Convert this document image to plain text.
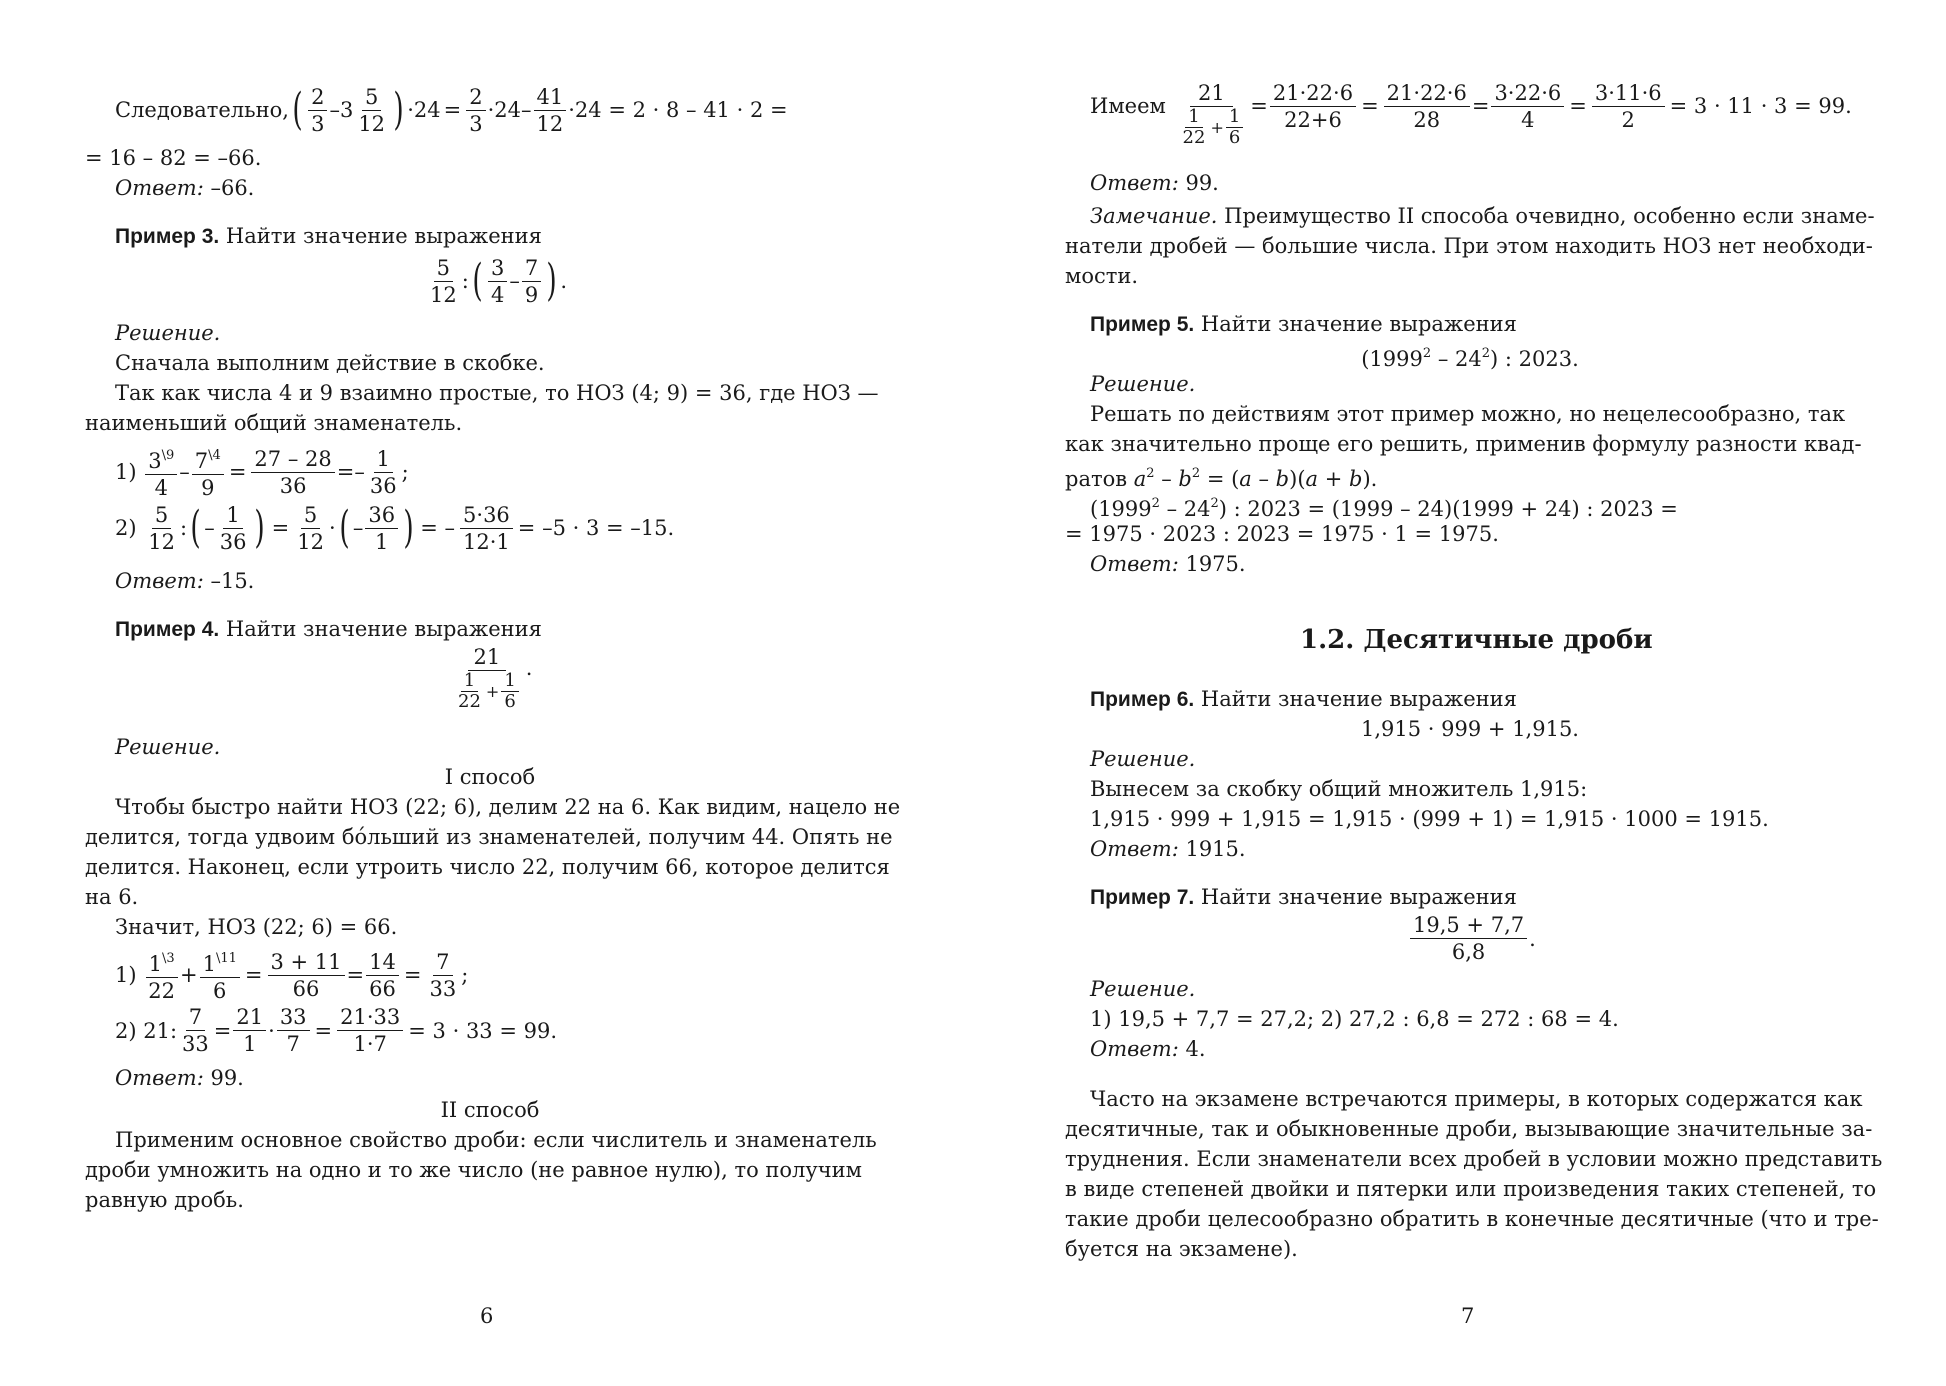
Следовательно, ( $\frac{2}{3} - 3 \frac{5}{12}$ ) $\cdot 24 = \frac{2}{3} \cdot 24- \frac{41}{12} \cdot 24 = 2 \cdot 8 - 41 \cdot 2$ =
= 16 – 82 = –66.
Ответ: –66.
Пример 3. Найти значение выражения
$\frac{5}{12}$ : ( $\frac{3}{4} - \frac{7}{9}$ ) .
Решение.
Сначала выполним действие в скобке.
Так как числа 4 и 9 взаимно простые, то НОЗ (4; 9) = 36, где НОЗ —
наименьший общий знаменатель.
1)
$\frac{3^{\backslash 9}}{4} - \frac{7^{\backslash 4}}{9} = \frac{27 - 28}{36} =- \frac{1}{36}$ ;
2)
$\frac{5}{12}$ : ( – $\frac{1}{36}$ ) = $\frac{5}{12}$ · ( – $\frac{36}{1}$ ) = – $\frac{5\cdot 36}{12\cdot 1} = -5 \cdot 3 = -15$.
Ответ: –15.
Пример 4. Найти значение выражения
$\frac{21}{\frac{1}{22} + \frac{1}{6}}$ .
Решение.
I способ
Чтобы быстро найти НОЗ (22; 6), делим 22 на 6. Как видим, нацело не
делится, тогда удвоим бо́льший из знаменателей, получим 44. Опять не
делится. Наконец, если утроить число 22, получим 66, которое делится
на 6.
Значит, НОЗ (22; 6) = 66.
1)
$\frac{1^{\backslash 3}}{22} + \frac{1^{\backslash 11}}{6} = \frac{3 + 11}{66} = \frac{14}{66} = \frac{7}{33}$ ;
2)
21: $\frac{7}{33} = \frac{21}{1} \cdot \frac{33}{7} = \frac{21\cdot 33}{1\cdot 7} = 3 \cdot 33 = 99$.
Ответ: 99.
II способ
Применим основное свойство дроби: если числитель и знаменатель
дроби умножить на одно и то же число (не равное нулю), то получим
равную дробь.
6
Имеем
$\frac{21}{\frac{1}{22} + \frac{1}{6}} = \frac{21\cdot 22\cdot 6}{22+6} = \frac{21\cdot 22\cdot 6}{28} = \frac{3\cdot 22\cdot 6}{4} = \frac{3\cdot 11\cdot 6}{2} = 3 \cdot 11 \cdot 3 = 99$.
Ответ: 99.
Замечание. Преимущество II способа очевидно, особенно если знаме-
натели дробей — большие числа. При этом находить НОЗ нет необходи-
мости.
Пример 5. Найти значение выражения
$(1999^2 - 24^2)$ : 2023.
Решение.
Решать по действиям этот пример можно, но нецелесообразно, так
как значительно проще его решить, применив формулу разности квад-
ратов $a^2 - b^2 = (a - b)(a + b)$.
$(1999^2 - 24^2)$ : 2023 = (1999 – 24)(1999 + 24) : 2023 =
= 1975 · 2023 : 2023 = 1975 · 1 = 1975.
Ответ: 1975.
1.2. Десятичные дроби
Пример 6. Найти значение выражения
1,915 · 999 + 1,915.
Решение.
Вынесем за скобку общий множитель 1,915:
1,915 · 999 + 1,915 = 1,915 · (999 + 1) = 1,915 · 1000 = 1915.
Ответ: 1915.
Пример 7. Найти значение выражения
$\frac{19,5 + 7,7}{6,8}$ .
Решение.
1) 19,5 + 7,7 = 27,2; 2) 27,2 : 6,8 = 272 : 68 = 4.
Ответ: 4.
Часто на экзамене встречаются примеры, в которых содержатся как
десятичные, так и обыкновенные дроби, вызывающие значительные за-
труднения. Если знаменатели всех дробей в условии можно представить
в виде степеней двойки и пятерки или произведения таких степеней, то
такие дроби целесообразно обратить в конечные десятичные (что и тре-
буется на экзамене).
7
